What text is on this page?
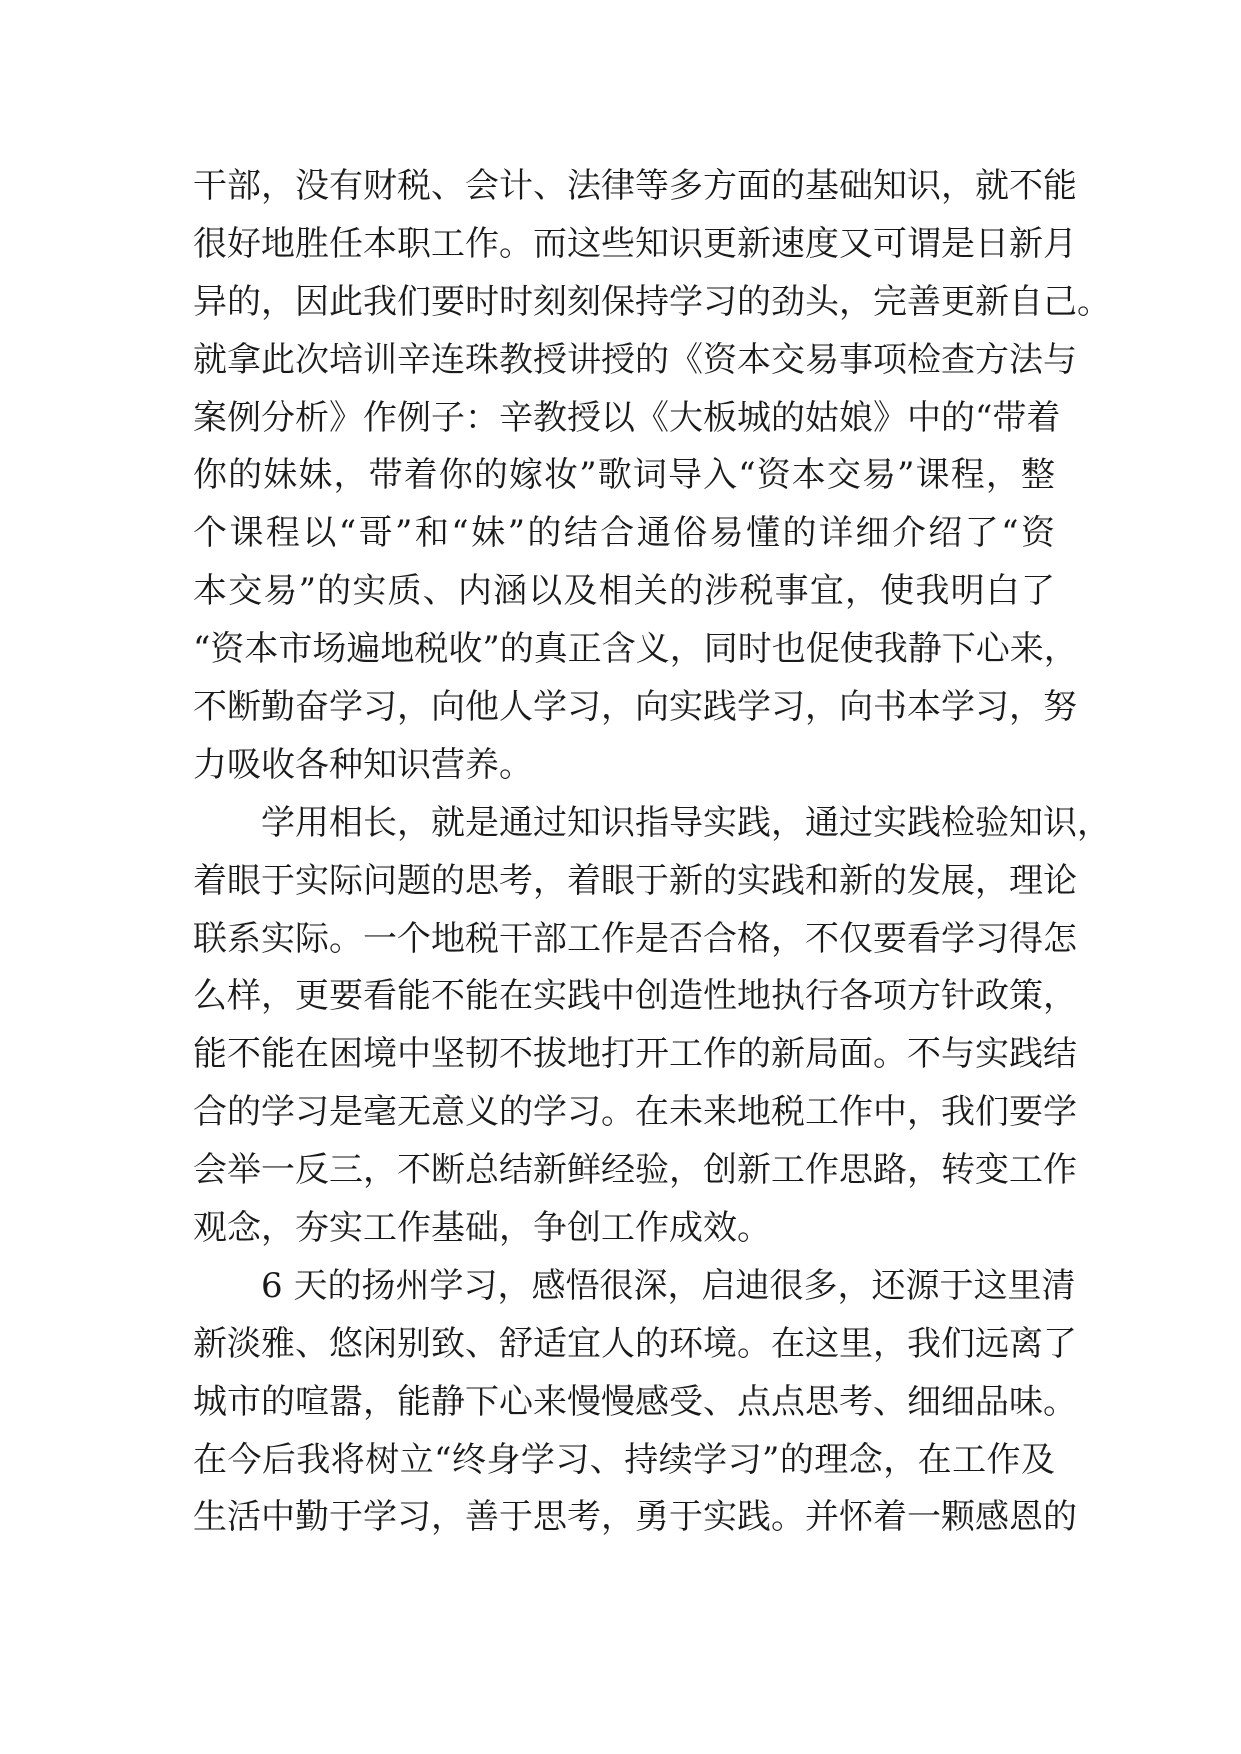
干部，没有财税、会计、法律等多方面的基础知识，就不能
很好地胜任本职工作。而这些知识更新速度又可谓是日新月
异的，因此我们要时时刻刻保持学习的劲头，完善更新自己。
就拿此次培训辛连珠教授讲授的《资本交易事项检查方法与
案例分析》作例子：辛教授以《大板城的姑娘》中的“带着
你的妹妹，带着你的嫁妆”歌词导入“资本交易”课程，整
个课程以“哥”和“妹”的结合通俗易懂的详细介绍了“资
本交易”的实质、内涵以及相关的涉税事宜，使我明白了
“资本市场遍地税收”的真正含义，同时也促使我静下心来，
不断勤奋学习，向他人学习，向实践学习，向书本学习，努
力吸收各种知识营养。
学用相长，就是通过知识指导实践，通过实践检验知识，
着眼于实际问题的思考，着眼于新的实践和新的发展，理论
联系实际。一个地税干部工作是否合格，不仅要看学习得怎
么样，更要看能不能在实践中创造性地执行各项方针政策，
能不能在困境中坚韧不拔地打开工作的新局面。不与实践结
合的学习是毫无意义的学习。在未来地税工作中，我们要学
会举一反三，不断总结新鲜经验，创新工作思路，转变工作
观念，夯实工作基础，争创工作成效。
6 天的扬州学习，感悟很深，启迪很多，还源于这里清
新淡雅、悠闲别致、舒适宜人的环境。在这里，我们远离了
城市的喧嚣，能静下心来慢慢感受、点点思考、细细品味。
在今后我将树立“终身学习、持续学习”的理念，在工作及
生活中勤于学习，善于思考，勇于实践。并怀着一颗感恩的
